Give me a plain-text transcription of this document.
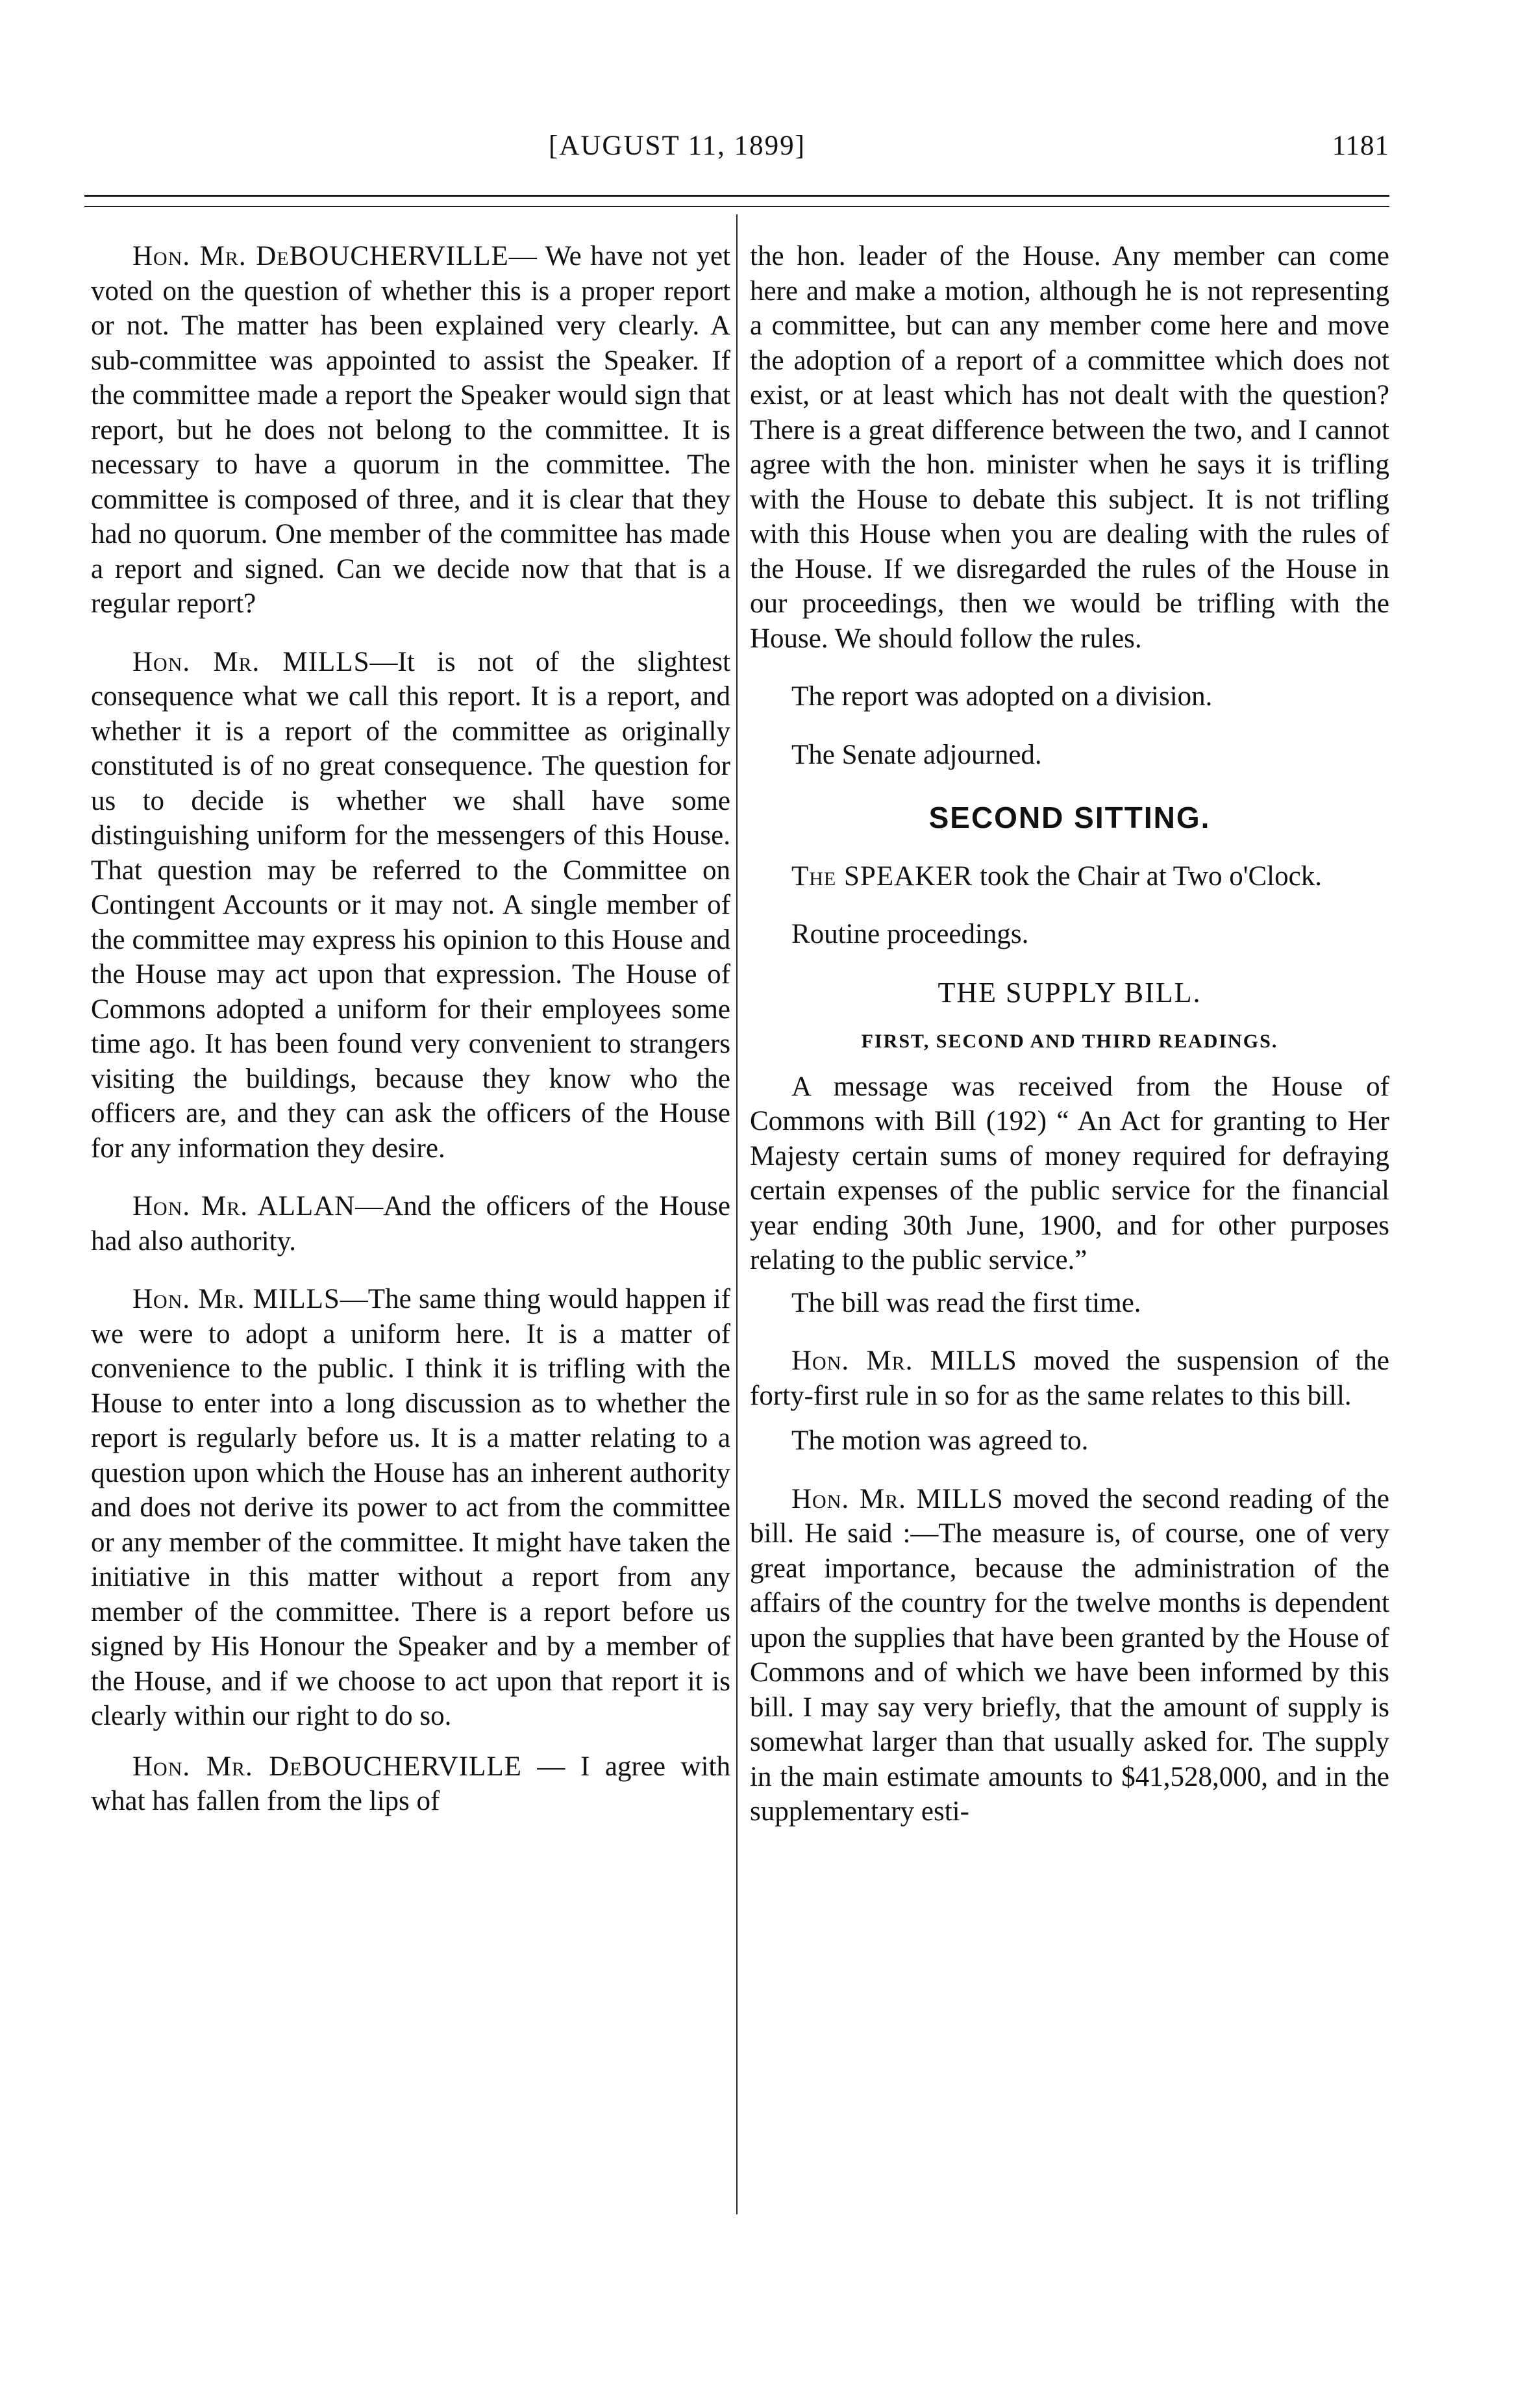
[AUGUST 11, 1899]	1181

Hon. Mr. DeBOUCHERVILLE— We have not yet voted on the question of whether this is a proper report or not. The matter has been explained very clearly. A sub-committee was appointed to assist the Speaker. If the committee made a report the Speaker would sign that report, but he does not belong to the committee. It is necessary to have a quorum in the committee. The committee is composed of three, and it is clear that they had no quorum. One member of the committee has made a report and signed. Can we decide now that that is a regular report?

Hon. Mr. MILLS—It is not of the slightest consequence what we call this report. It is a report, and whether it is a report of the committee as originally constituted is of no great consequence. The question for us to decide is whether we shall have some distinguishing uniform for the messengers of this House. That question may be referred to the Committee on Contingent Accounts or it may not. A single member of the committee may express his opinion to this House and the House may act upon that expression. The House of Commons adopted a uniform for their employees some time ago. It has been found very convenient to strangers visiting the buildings, because they know who the officers are, and they can ask the officers of the House for any information they desire.

Hon. Mr. ALLAN—And the officers of the House had also authority.

Hon. Mr. MILLS—The same thing would happen if we were to adopt a uniform here. It is a matter of convenience to the public. I think it is trifling with the House to enter into a long discussion as to whether the report is regularly before us. It is a matter relating to a question upon which the House has an inherent authority and does not derive its power to act from the committee or any member of the committee. It might have taken the initiative in this matter without a report from any member of the committee. There is a report before us signed by His Honour the Speaker and by a member of the House, and if we choose to act upon that report it is clearly within our right to do so.

Hon. Mr. DeBOUCHERVILLE — I agree with what has fallen from the lips of

the hon. leader of the House. Any member can come here and make a motion, although he is not representing a committee, but can any member come here and move the adoption of a report of a committee which does not exist, or at least which has not dealt with the question? There is a great difference between the two, and I cannot agree with the hon. minister when he says it is trifling with the House to debate this subject. It is not trifling with this House when you are dealing with the rules of the House. If we disregarded the rules of the House in our proceedings, then we would be trifling with the House. We should follow the rules.

The report was adopted on a division.

The Senate adjourned.

SECOND SITTING.

The SPEAKER took the Chair at Two o'Clock.

Routine proceedings.

THE SUPPLY BILL.

FIRST, SECOND AND THIRD READINGS.

A message was received from the House of Commons with Bill (192) “ An Act for granting to Her Majesty certain sums of money required for defraying certain expenses of the public service for the financial year ending 30th June, 1900, and for other purposes relating to the public service.”

The bill was read the first time.

Hon. Mr. MILLS moved the suspension of the forty-first rule in so for as the same relates to this bill.

The motion was agreed to.

Hon. Mr. MILLS moved the second reading of the bill. He said :—The measure is, of course, one of very great importance, because the administration of the affairs of the country for the twelve months is dependent upon the supplies that have been granted by the House of Commons and of which we have been informed by this bill. I may say very briefly, that the amount of supply is somewhat larger than that usually asked for. The supply in the main estimate amounts to $41,528,000, and in the supplementary esti-
